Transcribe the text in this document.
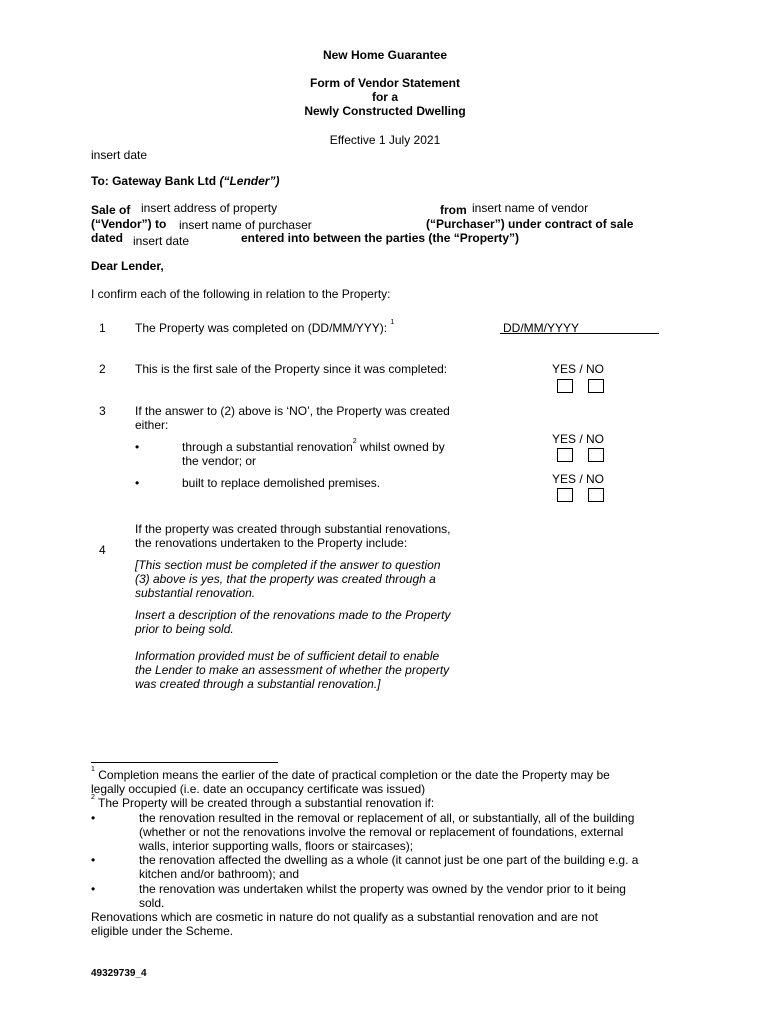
New Home Guarantee
Form of Vendor Statement
for a
Newly Constructed Dwelling
Effective 1 July 2021
insert date
To: Gateway Bank Ltd (“Lender”)
Sale of insert address of property	from insert name of vendor
(“Vendor”) to insert name of purchaser	(“Purchaser”) under contract of sale
dated insert date	entered into between the parties (the “Property”)
Dear Lender,
I confirm each of the following in relation to the Property:
1 The Property was completed on (DD/MM/YYY): $^1$	DD/MM/YYYY
2 This is the first sale of the Property since it was completed:	YES / NO
3 If the answer to (2) above is ‘NO’, the Property was created
either:
•	through a substantial renovation$^2$ whilst owned by
the vendor; or
YES / NO
•	built to replace demolished premises.	YES / NO
4
If the property was created through substantial renovations,
the renovations undertaken to the Property include:
[This section must be completed if the answer to question
(3) above is yes, that the property was created through a
substantial renovation.
Insert a description of the renovations made to the Property
prior to being sold.
Information provided must be of sufficient detail to enable
the Lender to make an assessment of whether the property
was created through a substantial renovation.]
$^1$ Completion means the earlier of the date of practical completion or the date the Property may be
legally occupied (i.e. date an occupancy certificate was issued)
$^2$ The Property will be created through a substantial renovation if:
•	the renovation resulted in the removal or replacement of all, or substantially, all of the building
(whether or not the renovations involve the removal or replacement of foundations, external
walls, interior supporting walls, floors or staircases);
•	the renovation affected the dwelling as a whole (it cannot just be one part of the building e.g. a
kitchen and/or bathroom); and
•	the renovation was undertaken whilst the property was owned by the vendor prior to it being
sold.
Renovations which are cosmetic in nature do not qualify as a substantial renovation and are not
eligible under the Scheme.
49329739_4
